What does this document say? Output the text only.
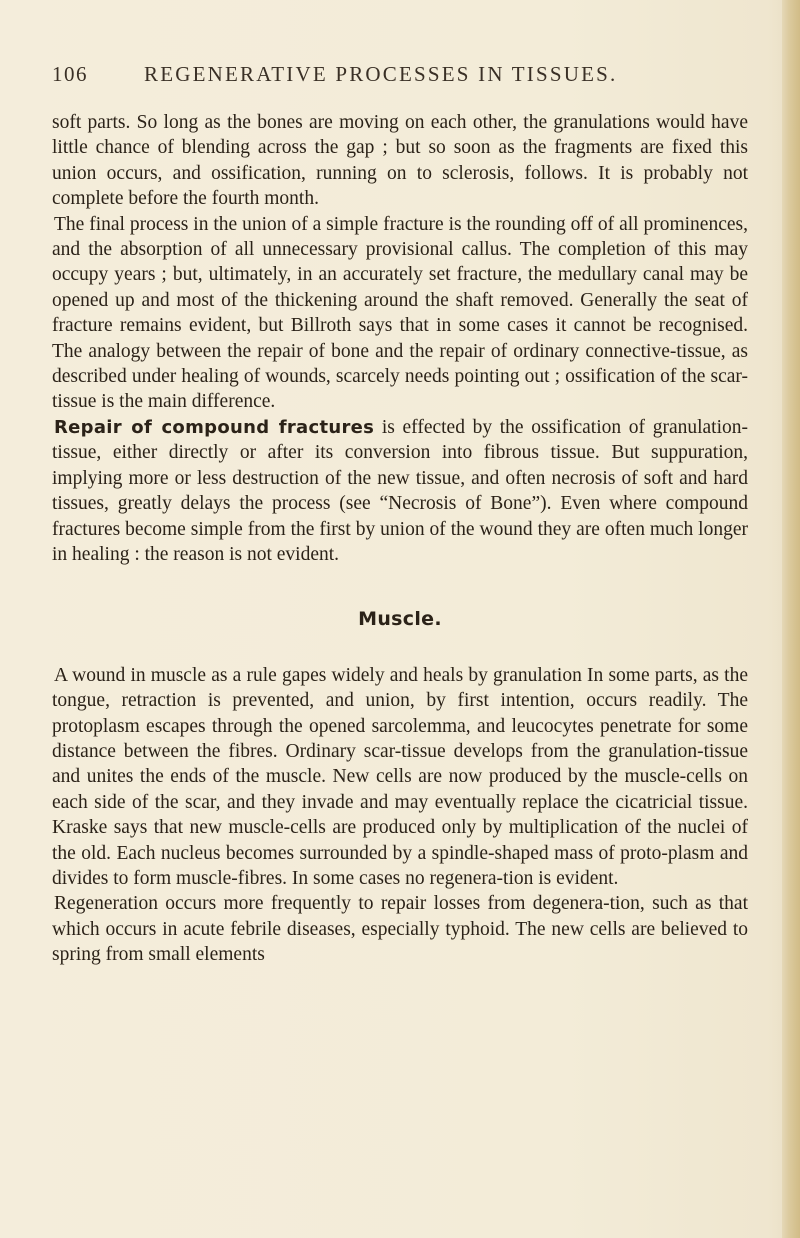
106	REGENERATIVE PROCESSES IN TISSUES.

soft parts. So long as the bones are moving on each other, the granulations would have little chance of blending across the gap ; but so soon as the fragments are fixed this union occurs, and ossification, running on to sclerosis, follows. It is probably not complete before the fourth month.

The final process in the union of a simple fracture is the rounding off of all prominences, and the absorption of all unnecessary provisional callus. The completion of this may occupy years ; but, ultimately, in an accurately set fracture, the medullary canal may be opened up and most of the thickening around the shaft removed. Generally the seat of fracture remains evident, but Billroth says that in some cases it cannot be recognised. The analogy between the repair of bone and the repair of ordinary connective-tissue, as described under healing of wounds, scarcely needs pointing out ; ossification of the scar-tissue is the main difference.

Repair of compound fractures is effected by the ossification of granulation-tissue, either directly or after its conversion into fibrous tissue. But suppuration, implying more or less destruction of the new tissue, and often necrosis of soft and hard tissues, greatly delays the process (see “Necrosis of Bone”). Even where compound fractures become simple from the first by union of the wound they are often much longer in healing : the reason is not evident.

Muscle.

A wound in muscle as a rule gapes widely and heals by granulation In some parts, as the tongue, retraction is prevented, and union, by first intention, occurs readily. The protoplasm escapes through the opened sarcolemma, and leucocytes penetrate for some distance between the fibres. Ordinary scar-tissue develops from the granulation-tissue and unites the ends of the muscle. New cells are now produced by the muscle-cells on each side of the scar, and they invade and may eventually replace the cicatricial tissue. Kraske says that new muscle-cells are produced only by multiplication of the nuclei of the old. Each nucleus becomes surrounded by a spindle-shaped mass of proto-plasm and divides to form muscle-fibres. In some cases no regenera-tion is evident.

Regeneration occurs more frequently to repair losses from degenera-tion, such as that which occurs in acute febrile diseases, especially typhoid. The new cells are believed to spring from small elements
